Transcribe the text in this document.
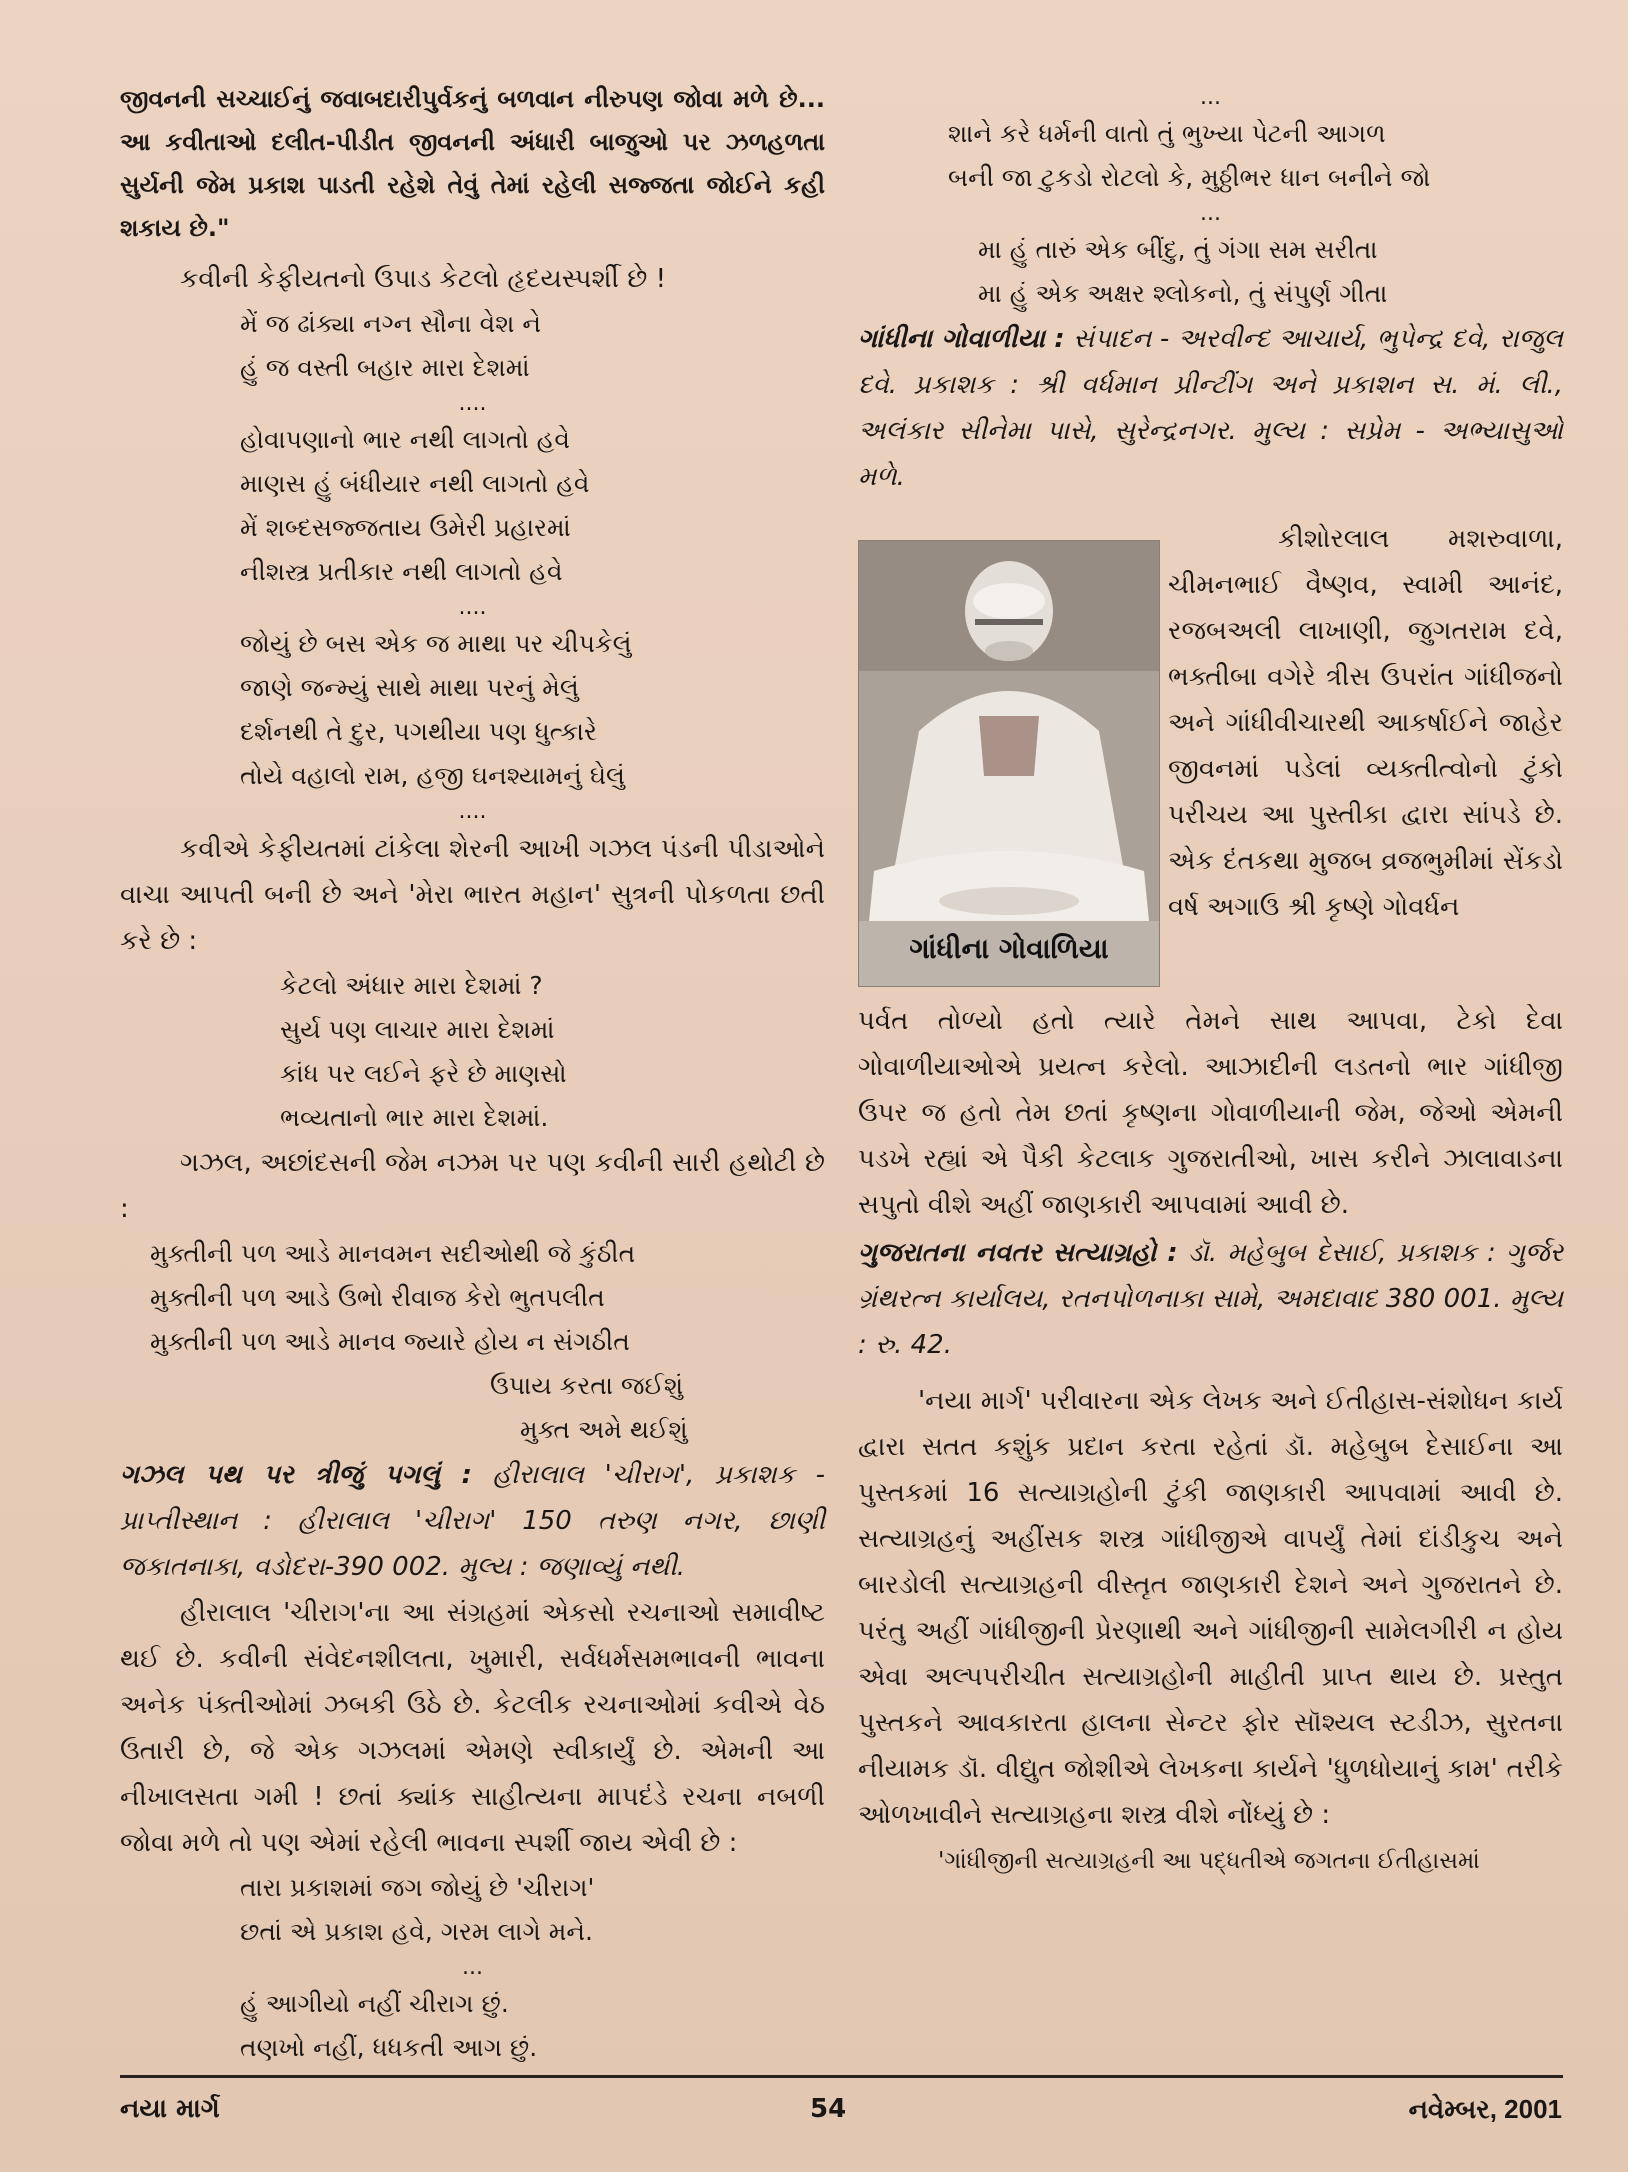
જીવનની સચ્ચાઈનું જવાબદારીપુર્વકનું બળવાન નીરુપણ જોવા મળે છે... આ કવીતાઓ દલીત-પીડીત જીવનની અંધારી બાજુઓ પર ઝળહળતા સુર્યની જેમ પ્રકાશ પાડતી રહેશે તેવું તેમાં રહેલી સજ્જતા જોઈને કહી શકાય છે."

કવીની કેફીયતનો ઉપાડ કેટલો હૃદયસ્પર્શી છે !

મેં જ ઢાંક્યા નગ્ન સૌના વેશ ને
હું જ વસ્તી બહાર મારા દેશમાં

....

હોવાપણાનો ભાર નથી લાગતો હવે
માણસ હું બંધીયાર નથી લાગતો હવે
મેં શબ્દસજ્જતાય ઉમેરી પ્રહારમાં
નીશસ્ત્ર પ્રતીકાર નથી લાગતો હવે

....

જોયું છે બસ એક જ માથા પર ચીપકેલું
જાણે જન્મ્યું સાથે માથા પરનું મેલું
દર્શનથી તે દુર, પગથીયા પણ ધુત્કારે
તોયે વહાલો રામ, હજી ઘનશ્યામનું ઘેલું

....

કવીએ કેફીયતમાં ટાંકેલા શેરની આખી ગઝલ પંડની પીડાઓને વાચા આપતી બની છે અને 'મેરા ભારત મહાન' સુત્રની પોકળતા છતી કરે છે :

કેટલો અંધાર મારા દેશમાં ?
સુર્ય પણ લાચાર મારા દેશમાં
કાંધ પર લઈને ફરે છે માણસો
ભવ્યતાનો ભાર મારા દેશમાં.

ગઝલ, અછાંદસની જેમ નઝમ પર પણ કવીની સારી હથોટી છે :

મુક્તીની પળ આડે માનવમન સદીઓથી જે કુંઠીત
મુક્તીની પળ આડે ઉભો રીવાજ કેરો ભુતપલીત
મુક્તીની પળ આડે માનવ જ્યારે હોય ન સંગઠીત
ઉપાય કરતા જઈશું
મુક્ત અમે થઈશું

ગઝલ પથ પર ત્રીજું પગલું : હીરાલાલ 'ચીરાગ', પ્રકાશક - પ્રાપ્તીસ્થાન : હીરાલાલ 'ચીરાગ' 150 તરુણ નગર, છાણી જકાતનાકા, વડોદરા-390 002. મુલ્ય : જણાવ્યું નથી.

હીરાલાલ 'ચીરાગ'ના આ સંગ્રહમાં એકસો રચનાઓ સમાવીષ્ટ થઈ છે. કવીની સંવેદનશીલતા, ખુમારી, સર્વધર્મસમભાવની ભાવના અનેક પંક્તીઓમાં ઝબકી ઉઠે છે. કેટલીક રચનાઓમાં કવીએ વેઠ ઉતારી છે, જે એક ગઝલમાં એમણે સ્વીકાર્યું છે. એમની આ નીખાલસતા ગમી ! છતાં ક્યાંક સાહીત્યના માપદંડે રચના નબળી જોવા મળે તો પણ એમાં રહેલી ભાવના સ્પર્શી જાય એવી છે :

તારા પ્રકાશમાં જગ જોયું છે 'ચીરાગ'
છતાં એ પ્રકાશ હવે, ગરમ લાગે મને.

...

હું આગીયો નહીં ચીરાગ છું.
તણખો નહીં, ધધકતી આગ છું.

...

શાને કરે ધર્મની વાતો તું ભુખ્યા પેટની આગળ
બની જા ટુકડો રોટલો કે, મુઠ્ઠીભર ધાન બનીને જો

...

મા હું તારું એક બીંદુ, તું ગંગા સમ સરીતા
મા હું એક અક્ષર શ્લોકનો, તું સંપુર્ણ ગીતા

ગાંધીના ગોવાળીયા : સંપાદન - અરવીન્દ આચાર્ય, ભુપેન્દ્ર દવે, રાજુલ દવે. પ્રકાશક : શ્રી વર્ધમાન પ્રીન્ટીંગ અને પ્રકાશન સ. મં. લી., અલંકાર સીનેમા પાસે, સુરેન્દ્રનગર. મુલ્ય : સપ્રેમ - અભ્યાસુઓ મળે.

ગાંધીના ગોવાળિયા

કીશોરલાલ મશરુવાળા, ચીમનભાઈ વૈષ્ણવ, સ્વામી આનંદ, રજબઅલી લાખાણી, જુગતરામ દવે, ભક્તીબા વગેરે ત્રીસ ઉપરાંત ગાંધીજનો અને ગાંધીવીચારથી આકર્ષાઈને જાહેર જીવનમાં પડેલાં વ્યક્તીત્વોનો ટુંકો પરીચય આ પુસ્તીકા દ્વારા સાંપડે છે. એક દંતકથા મુજબ વ્રજભુમીમાં સેંકડો વર્ષ અગાઉ શ્રી કૃષ્ણે ગોવર્ધન

પર્વત તોળ્યો હતો ત્યારે તેમને સાથ આપવા, ટેકો દેવા ગોવાળીયાઓએ પ્રયત્ન કરેલો. આઝાદીની લડતનો ભાર ગાંધીજી ઉપર જ હતો તેમ છતાં કૃષ્ણના ગોવાળીયાની જેમ, જેઓ એમની પડખે રહ્યાં એ પૈકી કેટલાક ગુજરાતીઓ, ખાસ કરીને ઝાલાવાડના સપુતો વીશે અહીં જાણકારી આપવામાં આવી છે.

ગુજરાતના નવતર સત્યાગ્રહો : ડૉ. મહેબુબ દેસાઈ, પ્રકાશક : ગુર્જર ગ્રંથરત્ન કાર્યાલય, રતનપોળનાકા સામે, અમદાવાદ 380 001. મુલ્ય : રુ. 42.

'નયા માર્ગ' પરીવારના એક લેખક અને ઈતીહાસ-સંશોધન કાર્ય દ્વારા સતત કશુંક પ્રદાન કરતા રહેતાં ડૉ. મહેબુબ દેસાઈના આ પુસ્તકમાં 16 સત્યાગ્રહોની ટુંકી જાણકારી આપવામાં આવી છે. સત્યાગ્રહનું અહીંસક શસ્ત્ર ગાંધીજીએ વાપર્યું તેમાં દાંડીકુચ અને બારડોલી સત્યાગ્રહની વીસ્તૃત જાણકારી દેશને અને ગુજરાતને છે. પરંતુ અહીં ગાંધીજીની પ્રેરણાથી અને ગાંધીજીની સામેલગીરી ન હોય એવા અલ્પપરીચીત સત્યાગ્રહોની માહીતી પ્રાપ્ત થાય છે. પ્રસ્તુત પુસ્તકને આવકારતા હાલના સેન્ટર ફોર સૉશ્યલ સ્ટડીઝ, સુરતના નીયામક ડૉ. વીદ્યુત જોશીએ લેખકના કાર્યને 'ધુળધોયાનું કામ' તરીકે ઓળખાવીને સત્યાગ્રહના શસ્ત્ર વીશે નોંધ્યું છે :

'ગાંધીજીની સત્યાગ્રહની આ પદ્ધતીએ જગતના ઈતીહાસમાં

નયા માર્ગ	54	નવેમ્બર, 2001
